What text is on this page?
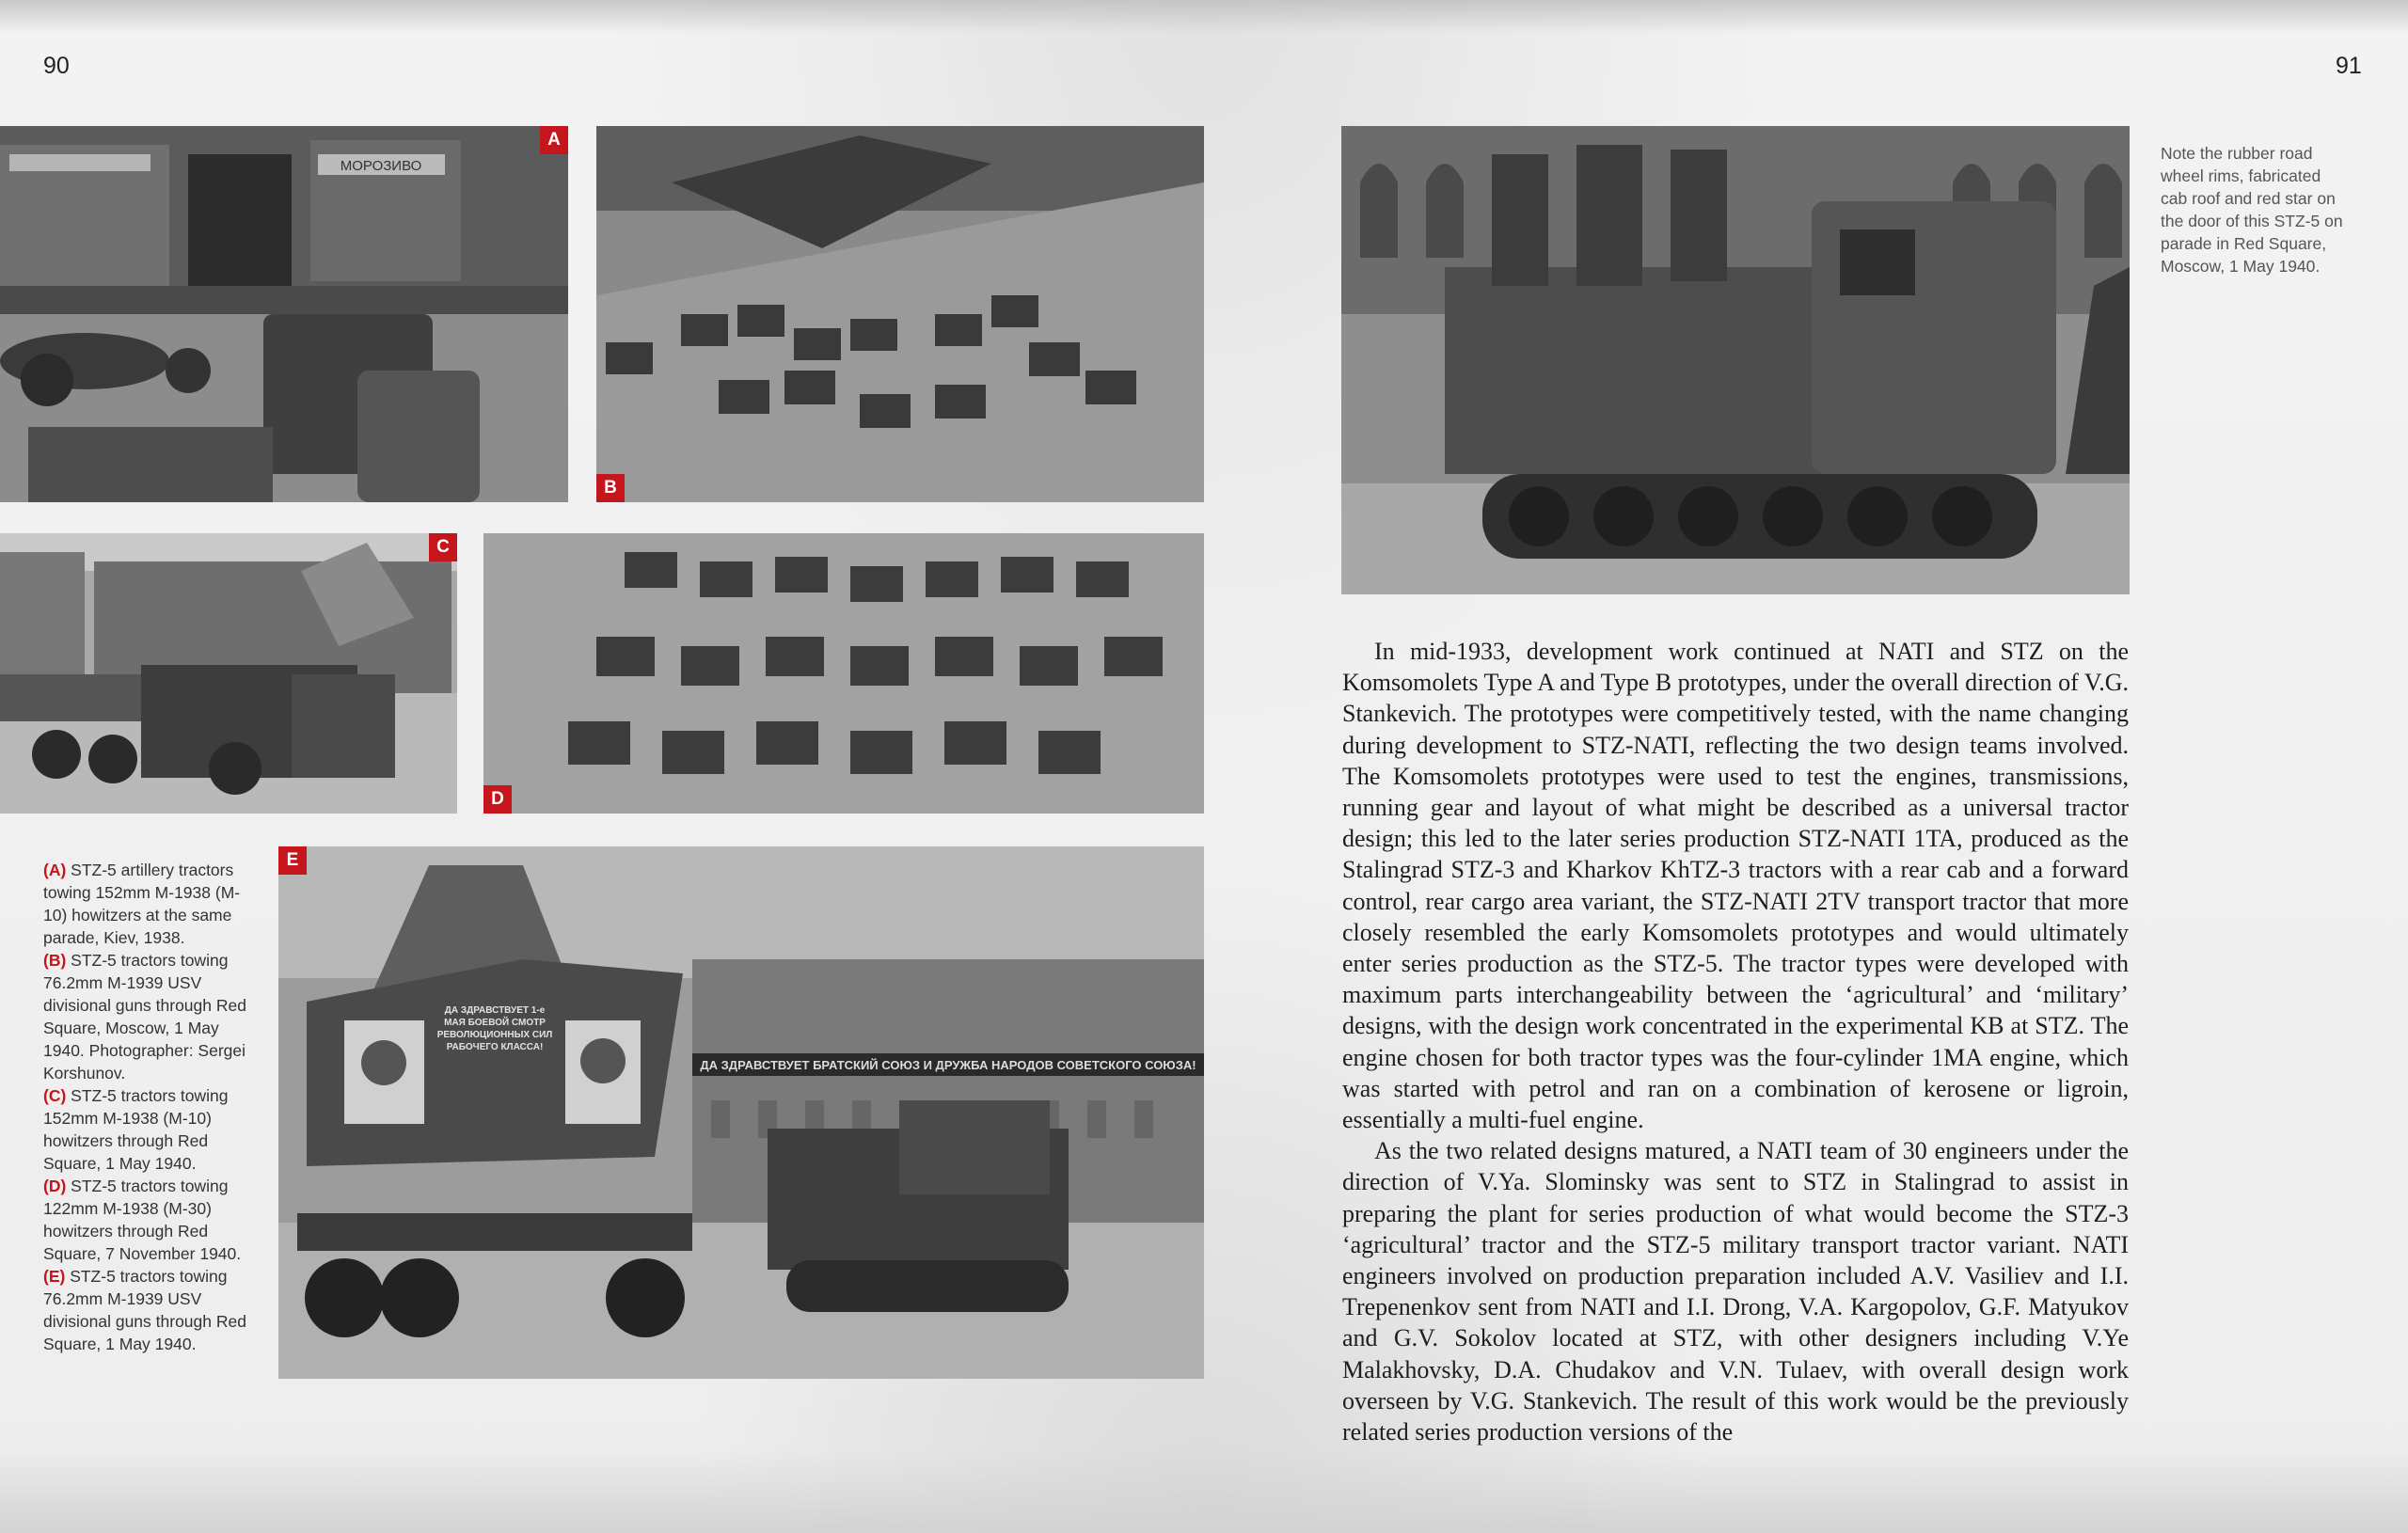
90	91
МОРОЗИВО
A
B
C
D
ДА ЗДРАВСТВУЕТ БРАТСКИЙ СОЮЗ И ДРУЖБА НАРОДОВ СОВЕТСКОГО СОЮЗА!
ДА ЗДРАВСТВУЕТ 1-е МАЯ БОЕВОЙ СМОТР РЕВОЛЮЦИОННЫХ СИЛ РАБОЧЕГО КЛАССА!
E

(A) STZ-5 artillery tractors towing 152mm M-1938 (M-10) howitzers at the same parade, Kiev, 1938.

(B) STZ-5 tractors towing 76.2mm M-1939 USV divisional guns through Red Square, Moscow, 1 May 1940. Photographer: Sergei Korshunov.

(C) STZ-5 tractors towing 152mm M-1938 (M-10) howitzers through Red Square, 1 May 1940.

(D) STZ-5 tractors towing 122mm M-1938 (M-30) howitzers through Red Square, 7 November 1940.

(E) STZ-5 tractors towing 76.2mm M-1939 USV divisional guns through Red Square, 1 May 1940.

Note the rubber road wheel rims, fabricated cab roof and red star on the door of this STZ-5 on parade in Red Square, Moscow, 1 May 1940.

In mid-1933, development work continued at NATI and STZ on the Komsomolets Type A and Type B prototypes, under the overall direction of V.G. Stankevich. The prototypes were competitively tested, with the name changing during development to STZ-NATI, reflecting the two design teams involved. The Komsomolets prototypes were used to test the engines, transmissions, running gear and layout of what might be described as a universal tractor design; this led to the later series production STZ-NATI 1TA, produced as the Stalingrad STZ-3 and Kharkov KhTZ-3 tractors with a rear cab and a forward control, rear cargo area variant, the STZ-NATI 2TV transport tractor that more closely resembled the early Komsomolets prototypes and would ultimately enter series production as the STZ-5. The tractor types were developed with maximum parts interchangeability between the ‘agricultural’ and ‘military’ designs, with the design work concentrated in the experimental KB at STZ. The engine chosen for both tractor types was the four-cylinder 1MA engine, which was started with petrol and ran on a combination of kerosene or ligroin, essentially a multi-fuel engine.

As the two related designs matured, a NATI team of 30 engineers under the direction of V.Ya. Slominsky was sent to STZ in Stalingrad to assist in preparing the plant for series production of what would become the STZ-3 ‘agricultural’ tractor and the STZ-5 military transport tractor variant. NATI engineers involved on production preparation included A.V. Vasiliev and I.I. Trepenenkov sent from NATI and I.I. Drong, V.A. Kargopolov, G.F. Matyukov and G.V. Sokolov located at STZ, with other designers including V.Ye Malakhovsky, D.A. Chudakov and V.N. Tulaev, with overall design work overseen by V.G. Stankevich. The result of this work would be the previously related series production versions of the
